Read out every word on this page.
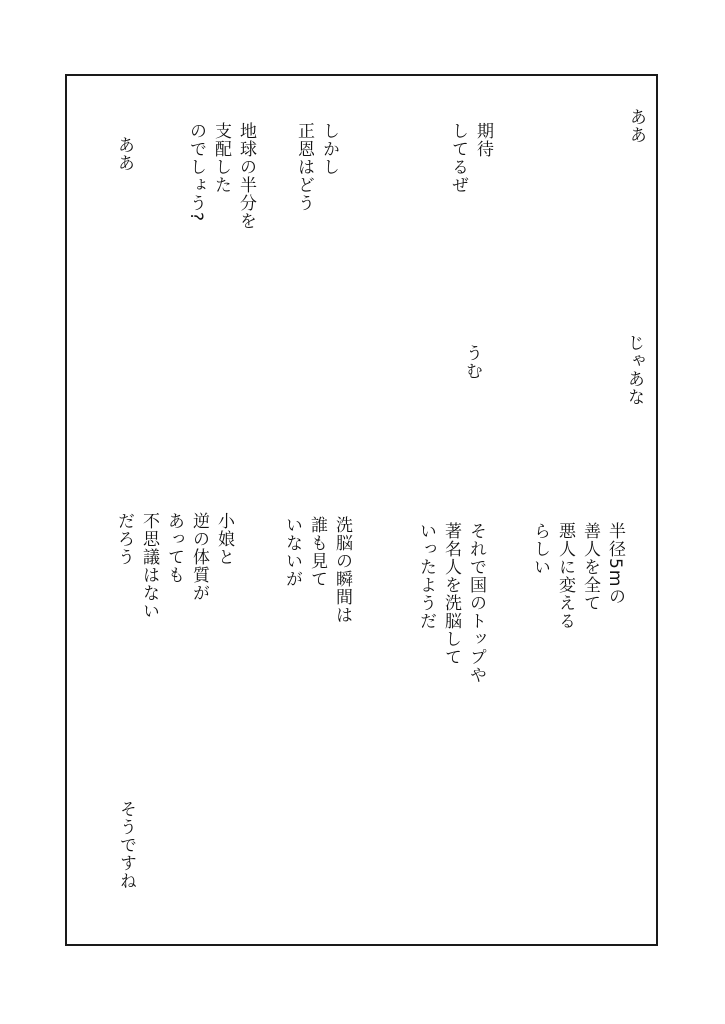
ああ
じゃあな
期待
してるぜ
うむ
しかし
正恩はどう
地球の半分を
支配した
のでしょう?
ああ
半径5mの
善人を全て
悪人に変える
らしい
それで国のトップや
著名人を洗脳して
いったようだ
洗脳の瞬間は
誰も見て
いないが
小娘と
逆の体質が
あっても
不思議はない
だろう
そうですね
